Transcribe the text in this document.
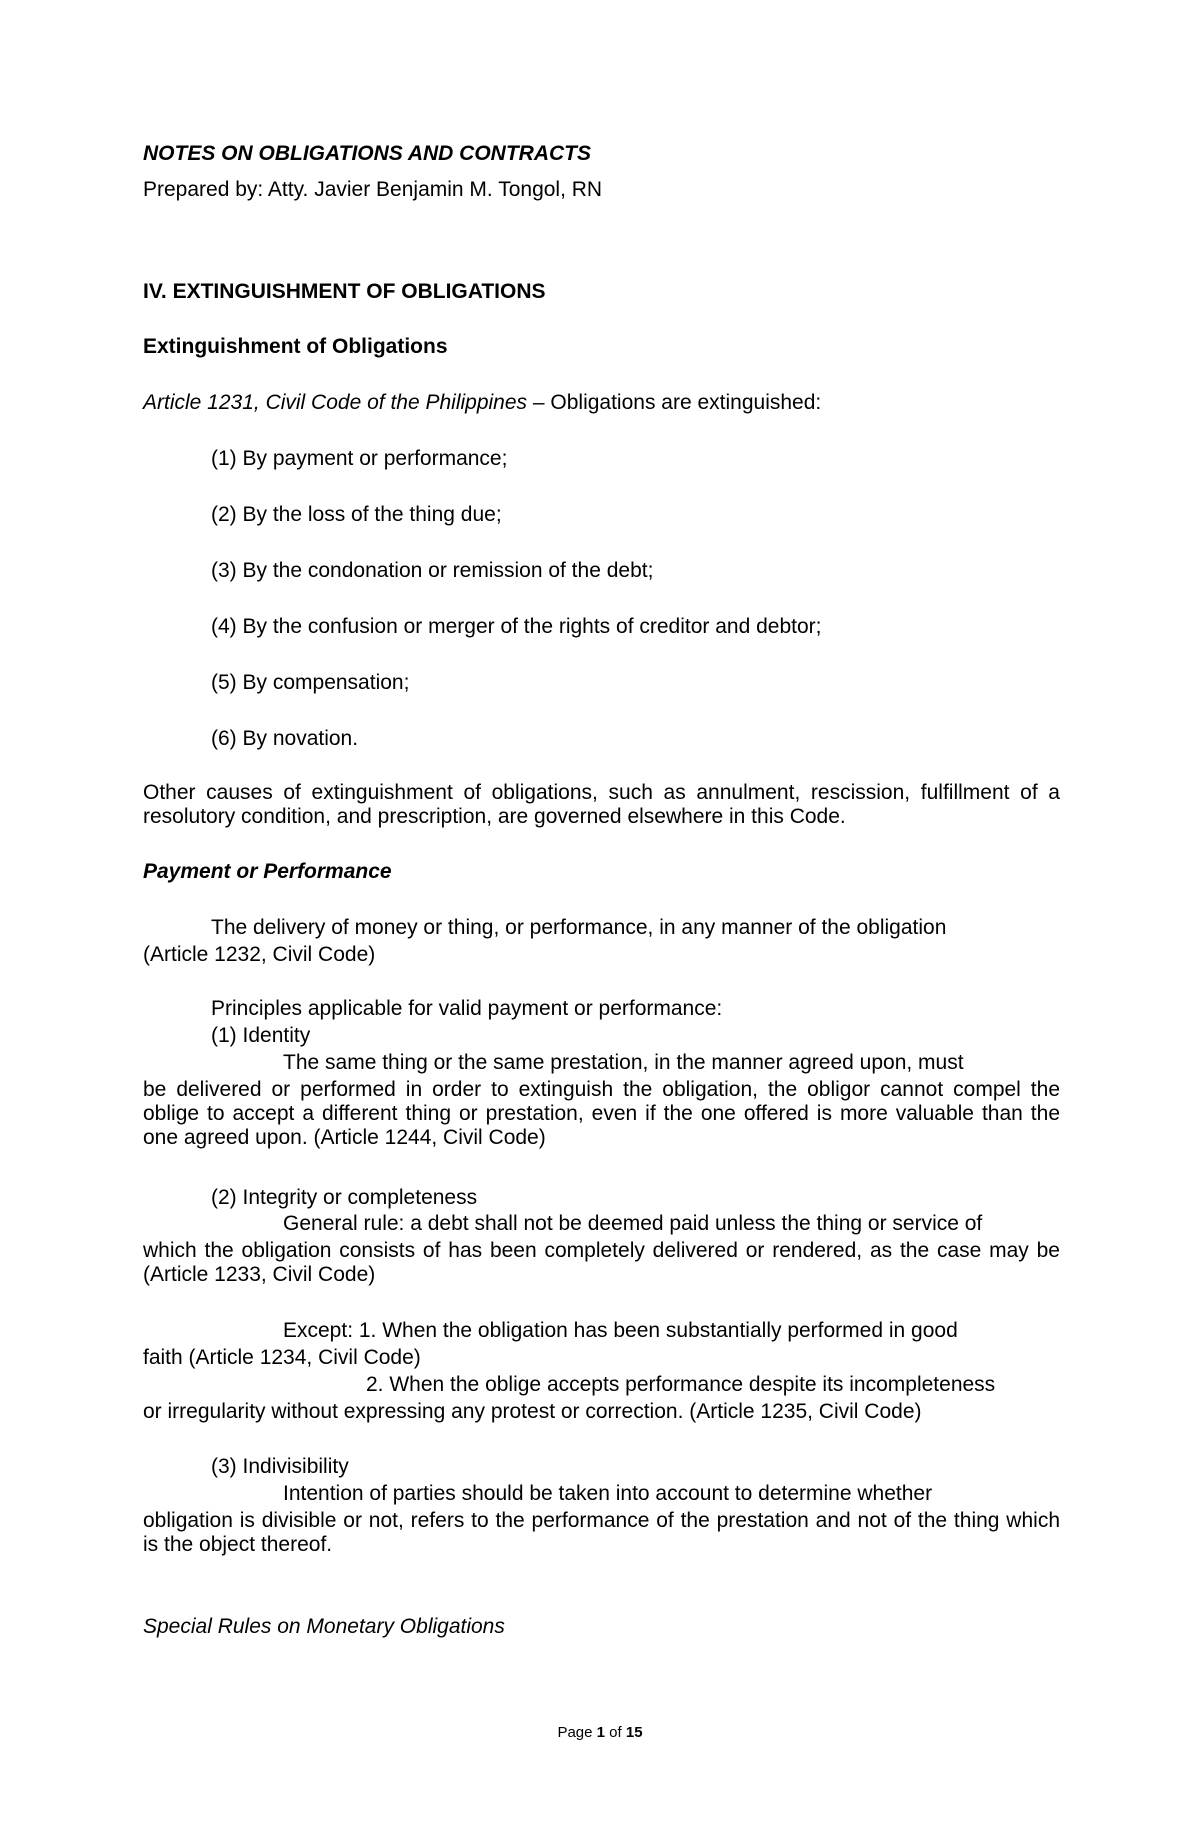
NOTES ON OBLIGATIONS AND CONTRACTS
Prepared by: Atty. Javier Benjamin M. Tongol, RN
IV. EXTINGUISHMENT OF OBLIGATIONS
Extinguishment of Obligations
Article 1231, Civil Code of the Philippines – Obligations are extinguished:
(1) By payment or performance;
(2) By the loss of the thing due;
(3) By the condonation or remission of the debt;
(4) By the confusion or merger of the rights of creditor and debtor;
(5) By compensation;
(6) By novation.
Other causes of extinguishment of obligations, such as annulment, rescission, fulfillment of a resolutory condition, and prescription, are governed elsewhere in this Code.
Payment or Performance
The delivery of money or thing, or performance, in any manner of the obligation
(Article 1232, Civil Code)
Principles applicable for valid payment or performance:
(1) Identity
The same thing or the same prestation, in the manner agreed upon, must
be delivered or performed in order to extinguish the obligation, the obligor cannot compel the oblige to accept a different thing or prestation, even if the one offered is more valuable than the one agreed upon. (Article 1244, Civil Code)
(2) Integrity or completeness
General rule: a debt shall not be deemed paid unless the thing or service of
which the obligation consists of has been completely delivered or rendered, as the case may be (Article 1233, Civil Code)
Except: 1. When the obligation has been substantially performed in good
faith (Article 1234, Civil Code)
2. When the oblige accepts performance despite its incompleteness
or irregularity without expressing any protest or correction. (Article 1235, Civil Code)
(3) Indivisibility
Intention of parties should be taken into account to determine whether
obligation is divisible or not, refers to the performance of the prestation and not of the thing which is the object thereof.
Special Rules on Monetary Obligations
Page 1 of 15
